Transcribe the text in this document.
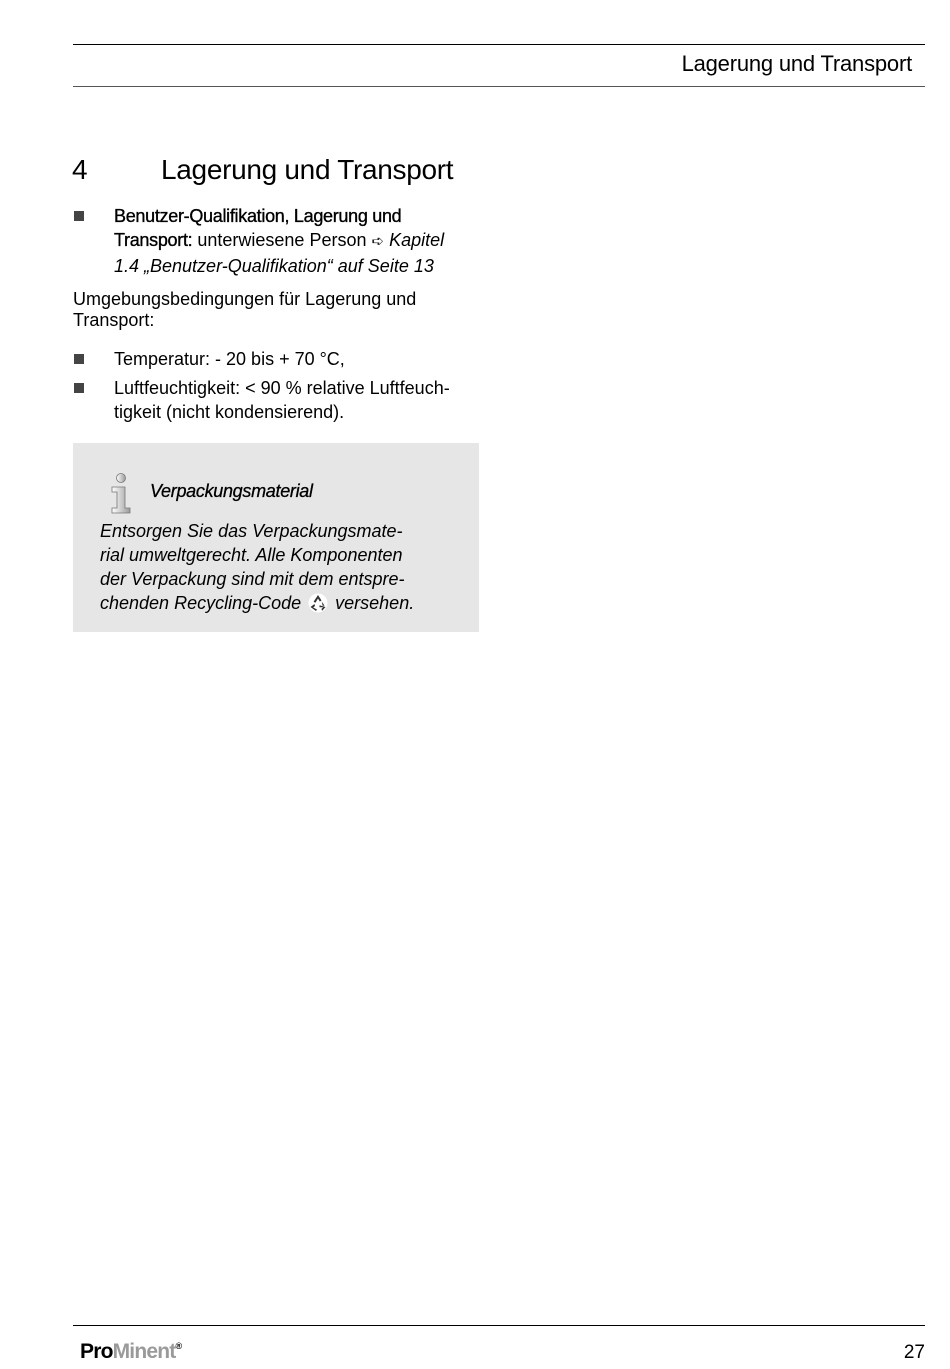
Lagerung und Transport
4	Lagerung und Transport
Benutzer-Qualifikation, Lagerung und
Transport: unterwiesene Person ➪ Kapitel
1.4 „Benutzer-Qualifikation“ auf Seite 13
Umgebungsbedingungen für Lagerung und Transport:
Temperatur: - 20 bis + 70 °C,
Luftfeuchtigkeit: < 90 % relative Luftfeuch-
tigkeit (nicht kondensierend).
Verpackungsmaterial
Entsorgen Sie das Verpackungsmate-
rial umweltgerecht. Alle Komponenten
der Verpackung sind mit dem entspre-
chenden Recycling-Code versehen.
ProMinent®	27
